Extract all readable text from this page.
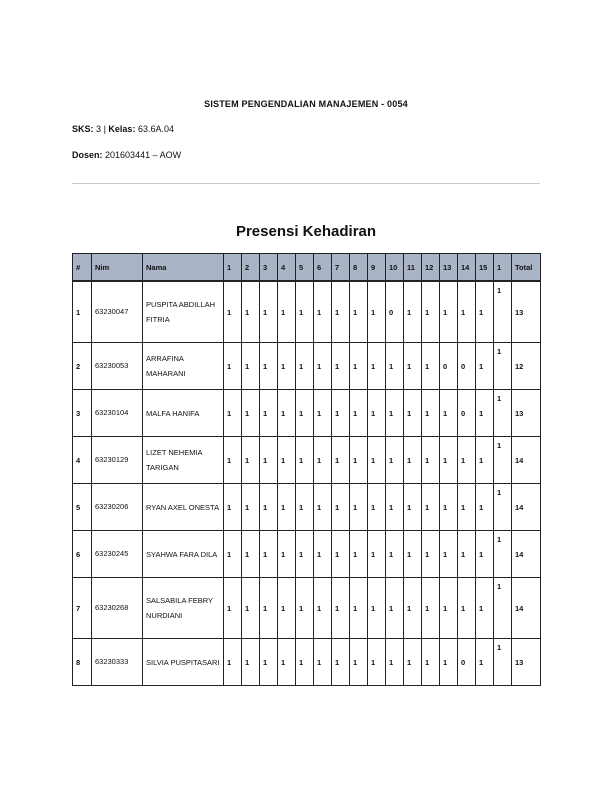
SISTEM PENGENDALIAN MANAJEMEN - 0054
SKS: 3 | Kelas: 63.6A.04
Dosen: 201603441 – AOW
Presensi Kehadiran
#	Nim	Nama	1	2	3	4	5	6	7	8	9	10	11	12	13	14	15	1	Total
1	63230047	PUSPITA ABDILLAH FITRIA	1	1	1	1	1	1	1	1	1	0	1	1	1	1	1	1	13
2	63230053	ARRAFINA MAHARANI	1	1	1	1	1	1	1	1	1	1	1	1	0	0	1	1	12
3	63230104	MALFA HANIFA	1	1	1	1	1	1	1	1	1	1	1	1	1	0	1	1	13
4	63230129	LIZET NEHEMIA TARIGAN	1	1	1	1	1	1	1	1	1	1	1	1	1	1	1	1	14
5	63230206	RYAN AXEL ONESTA	1	1	1	1	1	1	1	1	1	1	1	1	1	1	1	1	14
6	63230245	SYAHWA FARA DILA	1	1	1	1	1	1	1	1	1	1	1	1	1	1	1	1	14
7	63230268	SALSABILA FEBRY NURDIANI	1	1	1	1	1	1	1	1	1	1	1	1	1	1	1	1	14
8	63230333	SILVIA PUSPITASARI	1	1	1	1	1	1	1	1	1	1	1	1	1	0	1	1	13
